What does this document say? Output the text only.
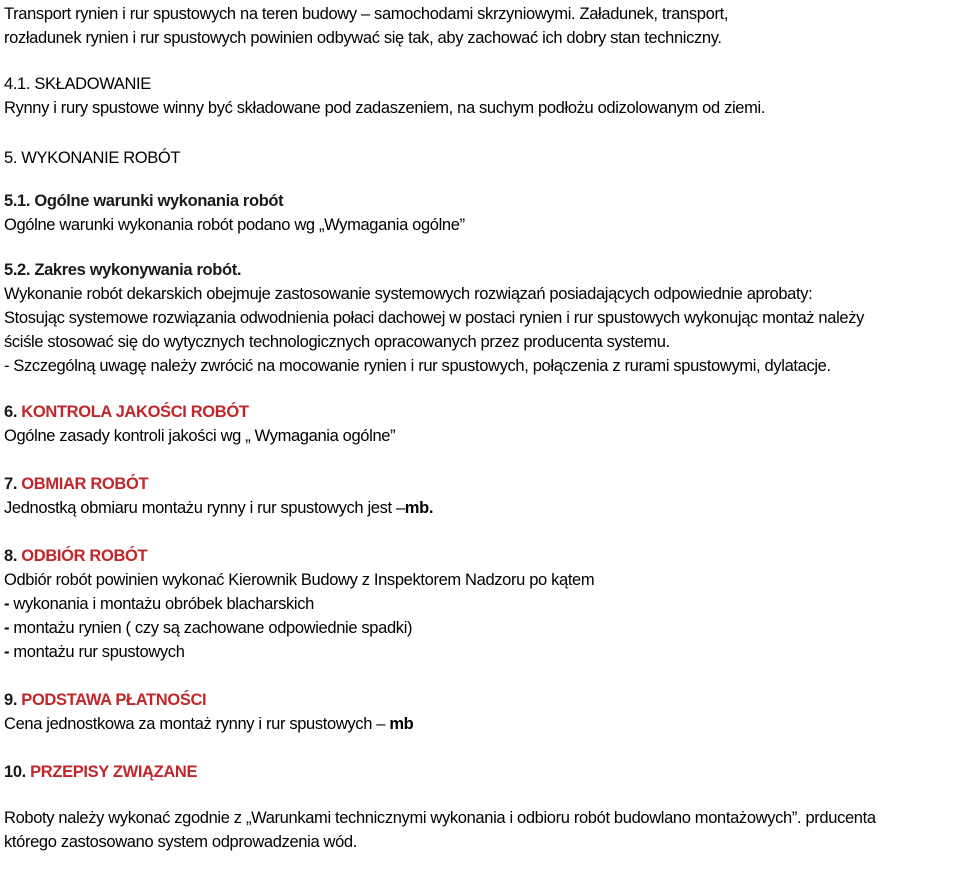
Transport rynien i rur spustowych na teren budowy – samochodami skrzyniowymi. Załadunek, transport,
rozładunek rynien i rur spustowych powinien odbywać się tak, aby zachować ich dobry stan techniczny.
4.1. SKŁADOWANIE
Rynny i rury spustowe winny być składowane pod zadaszeniem, na suchym podłożu odizolowanym od ziemi.
5. WYKONANIE ROBÓT
5.1. Ogólne warunki wykonania robót
Ogólne warunki wykonania robót podano wg „Wymagania ogólne”
5.2. Zakres wykonywania robót.
Wykonanie robót dekarskich obejmuje zastosowanie systemowych rozwiązań posiadających odpowiednie aprobaty:
Stosując systemowe rozwiązania odwodnienia połaci dachowej w postaci rynien i rur spustowych wykonując montaż należy
ściśle stosować się do wytycznych technologicznych opracowanych przez producenta systemu.
- Szczególną uwagę należy zwrócić na mocowanie rynien i rur spustowych, połączenia z rurami spustowymi, dylatacje.
6. KONTROLA JAKOŚCI ROBÓT
Ogólne zasady kontroli jakości wg „ Wymagania ogólne”
7. OBMIAR ROBÓT
Jednostką obmiaru montażu rynny i rur spustowych jest –mb.
8. ODBIÓR ROBÓT
Odbiór robót powinien wykonać Kierownik Budowy z Inspektorem Nadzoru po kątem
- wykonania i montażu obróbek blacharskich
- montażu rynien ( czy są zachowane odpowiednie spadki)
- montażu rur spustowych
9. PODSTAWA PŁATNOŚCI
Cena jednostkowa za montaż rynny i rur spustowych – mb
10. PRZEPISY ZWIĄZANE
Roboty należy wykonać zgodnie z „Warunkami technicznymi wykonania i odbioru robót budowlano montażowych”. prducenta
którego zastosowano system odprowadzenia wód.
